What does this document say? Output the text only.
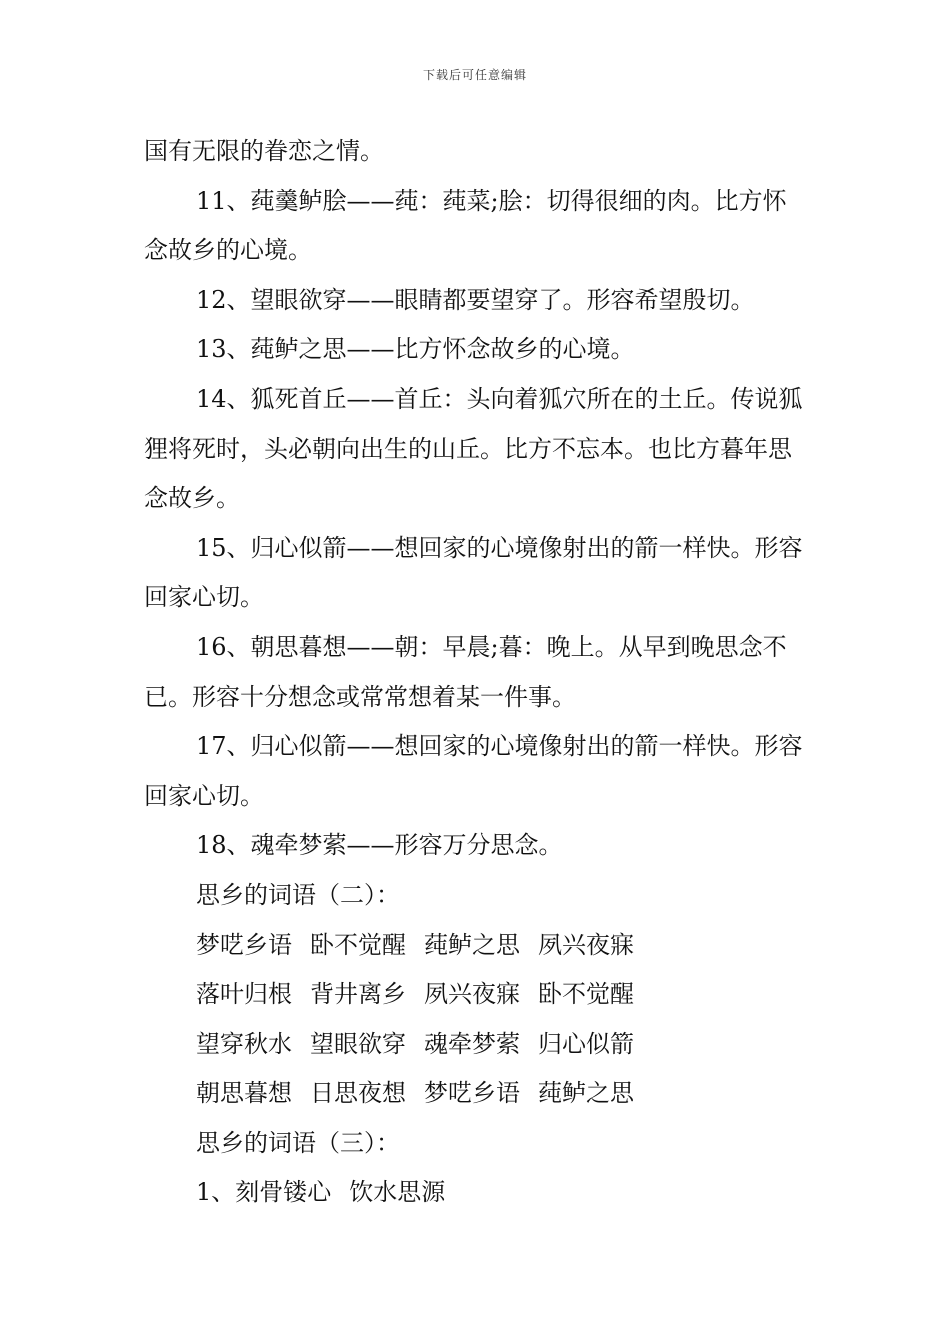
下载后可任意编辑

国有无限的眷恋之情。

11、莼羹鲈脍——莼：莼菜;脍：切得很细的肉。比方怀念故乡的心境。

12、望眼欲穿——眼睛都要望穿了。形容希望殷切。

13、莼鲈之思——比方怀念故乡的心境。

14、狐死首丘——首丘：头向着狐穴所在的土丘。传说狐狸将死时，头必朝向出生的山丘。比方不忘本。也比方暮年思念故乡。

15、归心似箭——想回家的心境像射出的箭一样快。形容回家心切。

16、朝思暮想——朝：早晨;暮：晚上。从早到晚思念不已。形容十分想念或常常想着某一件事。

17、归心似箭——想回家的心境像射出的箭一样快。形容回家心切。

18、魂牵梦萦——形容万分思念。

思乡的词语（二）：

梦呓乡语 卧不觉醒 莼鲈之思 夙兴夜寐
落叶归根 背井离乡 夙兴夜寐 卧不觉醒
望穿秋水 望眼欲穿 魂牵梦萦 归心似箭
朝思暮想 日思夜想 梦呓乡语 莼鲈之思

思乡的词语（三）：

1、 刻骨镂心 饮水思源
